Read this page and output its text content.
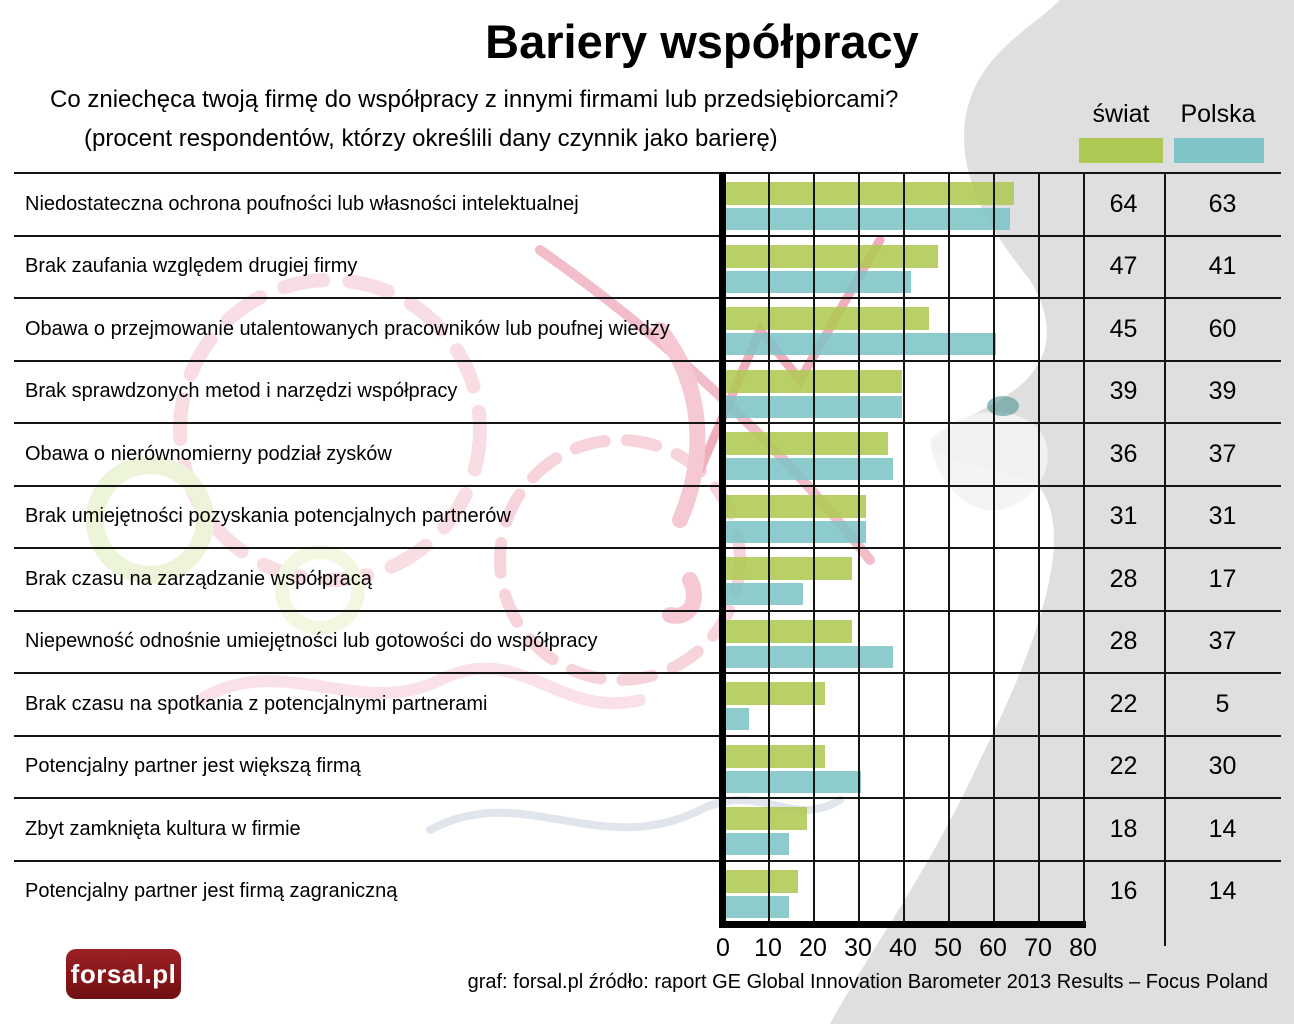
Bariery współpracy
Co zniechęca twoją firmę do współpracy z innymi firmami lub przedsiębiorcami?
(procent respondentów, którzy określili dany czynnik jako barierę)
świat	Polska
Niedostateczna ochrona poufności lub własności intelektualnej	64	63
Brak zaufania względem drugiej firmy	47	41
Obawa o przejmowanie utalentowanych pracowników lub poufnej wiedzy	45	60
Brak sprawdzonych metod i narzędzi współpracy	39	39
Obawa o nierównomierny podział zysków	36	37
Brak umiejętności pozyskania potencjalnych partnerów	31	31
Brak czasu na zarządzanie współpracą	28	17
Niepewność odnośnie umiejętności lub gotowości do współpracy	28	37
Brak czasu na spotkania z potencjalnymi partnerami	22	5
Potencjalny partner jest większą firmą	22	30
Zbyt zamknięta kultura w firmie	18	14
Potencjalny partner jest firmą zagraniczną	16	14
0 10 20 30 40 50 60 70 80
forsal.pl	graf: forsal.pl źródło: raport GE Global Innovation Barometer 2013 Results – Focus Poland
